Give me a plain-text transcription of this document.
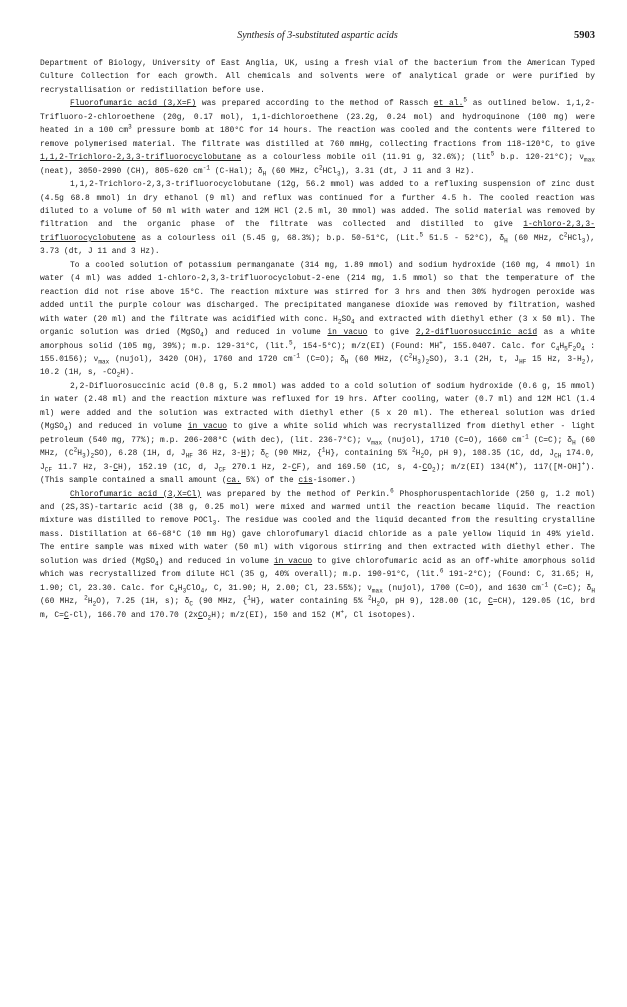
Synthesis of 3-substituted aspartic acids	5903

Department of Biology, University of East Anglia, UK, using a fresh vial of the bacterium from the American Typed Culture Collection for each growth. All chemicals and solvents were of analytical grade or were purified by recrystallisation or redistillation before use.

Fluorofumaric acid (3,X=F) was prepared according to the method of Rassch et al.$^5$ as outlined below. 1,1,2-Trifluoro-2-chloroethene (20g, 0.17 mol), 1,1-dichloroethene (23.2g, 0.24 mol) and hydroquinone (100 mg) were heated in a 100 $cm^3$ pressure bomb at 180°C for 14 hours. The reaction was cooled and the contents were filtered to remove polymerised material. The filtrate was distilled at 760 mmHg, collecting fractions from 118-120°C, to give 1,1,2-Trichloro-2,3,3-trifluorocyclobutane as a colourless mobile oil (11.91 g, 32.6%); (lit$^5$ b.p. 120-21°C); $\nu_{max}$ (neat), 3050-2990 (CH), 805-620 $cm^{-1}$ (C-Hal); $\delta_H$ (60 MHz, $C^2HCl_3$), 3.31 (dt, J 11 and 3 Hz).

1,1,2-Trichloro-2,3,3-trifluorocyclobutane (12g, 56.2 mmol) was added to a refluxing suspension of zinc dust (4.5g 68.8 mmol) in dry ethanol (9 ml) and reflux was continued for a further 4.5 h. The cooled reaction was diluted to a volume of 50 ml with water and 12M HCl (2.5 ml, 30 mmol) was added. The solid material was removed by filtration and the organic phase of the filtrate was collected and distilled to give 1-chloro-2,3,3-trifluorocyclobutene as a colourless oil (5.45 g, 68.3%); b.p. 50-51°C, (Lit.$^5$ 51.5 - 52°C), $\delta_H$ (60 MHz, $C^2HCl_3$), 3.73 (dt, J 11 and 3 Hz).

To a cooled solution of potassium permanganate (314 mg, 1.89 mmol) and sodium hydroxide (160 mg, 4 mmol) in water (4 ml) was added 1-chloro-2,3,3-trifluorocyclobut-2-ene (214 mg, 1.5 mmol) so that the temperature of the reaction did not rise above 15°C. The reaction mixture was stirred for 3 hrs and then 30% hydrogen peroxide was added until the purple colour was discharged. The precipitated manganese dioxide was removed by filtration, washed with water (20 ml) and the filtrate was acidified with conc. $H_2SO_4$ and extracted with diethyl ether (3 x 50 ml). The organic solution was dried (MgSO$_4$) and reduced in volume in vacuo to give 2,2-difluorosuccinic acid as a white amorphous solid (105 mg, 39%); m.p. 129-31°C, (lit.$^5$, 154-5°C); m/z(EI) (Found: MH+, 155.0407. Calc. for $C_4H_5F_2O_4$ : 155.0156); $\nu_{max}$ (nujol), 3420 (OH), 1760 and 1720 $cm^{-1}$ (C=O); $\delta_H$ (60 MHz, $(C^2H_3)_2SO$), 3.1 (2H, t, $J_{HF}$ 15 Hz, $3-H_2$), 10.2 (1H, s, $-CO_2H$).

2,2-Difluorosuccinic acid (0.8 g, 5.2 mmol) was added to a cold solution of sodium hydroxide (0.6 g, 15 mmol) in water (2.48 ml) and the reaction mixture was refluxed for 19 hrs. After cooling, water (0.7 ml) and 12M HCl (1.4 ml) were added and the solution was extracted with diethyl ether (5 x 20 ml). The ethereal solution was dried (MgSO$_4$) and reduced in volume in vacuo to give a white solid which was recrystallized from diethyl ether - light petroleum (540 mg, 77%); m.p. 206-208°C (with dec), (lit. 236-7°C); $\nu_{max}$ (nujol), 1710 (C=O), 1660 $cm^{-1}$ (C=C); $\delta_H$ (60 MHz, $(C^2H_3)_2SO$), 6.28 (1H, d, $J_{HF}$ 36 Hz, 3-H); $\delta_C$ (90 MHz, {$^1$H}, containing 5% $^2H_2O$, pH 9), 108.35 (1C, dd, $J_{CH}$ 174.0, $J_{CF}$ 11.7 Hz, 3-CH), 152.19 (1C, d, $J_{CF}$ 270.1 Hz, 2-CF), and 169.50 (1C, s, $4-CO_2$); m/z(EI) 134(M+), 117([M-OH]+). (This sample contained a small amount (ca. 5%) of the cis-isomer.)

Chlorofumaric acid (3,X=Cl) was prepared by the method of Perkin.$^6$ Phosphoruspentachloride (250 g, 1.2 mol) and (2S,3S)-tartaric acid (38 g, 0.25 mol) were mixed and warmed until the reaction became liquid. The reaction mixture was distilled to remove POCl$_3$. The residue was cooled and the liquid decanted from the resulting crystalline mass. Distillation at 66-68°C (10 mm Hg) gave chlorofumaryl diacid chloride as a pale yellow liquid in 49% yield. The entire sample was mixed with water (50 ml) with vigorous stirring and then extracted with diethyl ether. The solution was dried (MgSO$_4$) and reduced in volume in vacuo to give chlorofumaric acid as an off-white amorphous solid which was recrystallized from dilute HCl (35 g, 40% overall); m.p. 190-91°C, (lit.$^6$ 191-2°C); (Found: C, 31.65; H, 1.90; Cl, 23.30. Calc. for $C_4H_3ClO_4$, C, 31.90; H, 2.00; Cl, 23.55%); $\nu_{max}$ (nujol), 1700 (C=O), and 1630 $cm^{-1}$ (C=C); $\delta_H$ (60 MHz, $^2H_2O$), 7.25 (1H, s); $\delta_C$ (90 MHz, {$^1$H}, water containing 5% $^2H_2O$, pH 9), 128.00 (1C, C=CH), 129.05 (1C, brd m, C=C-Cl), 166.70 and 170.70 (2xCO$_2$H); m/z(EI), 150 and 152 (M+, Cl isotopes).
